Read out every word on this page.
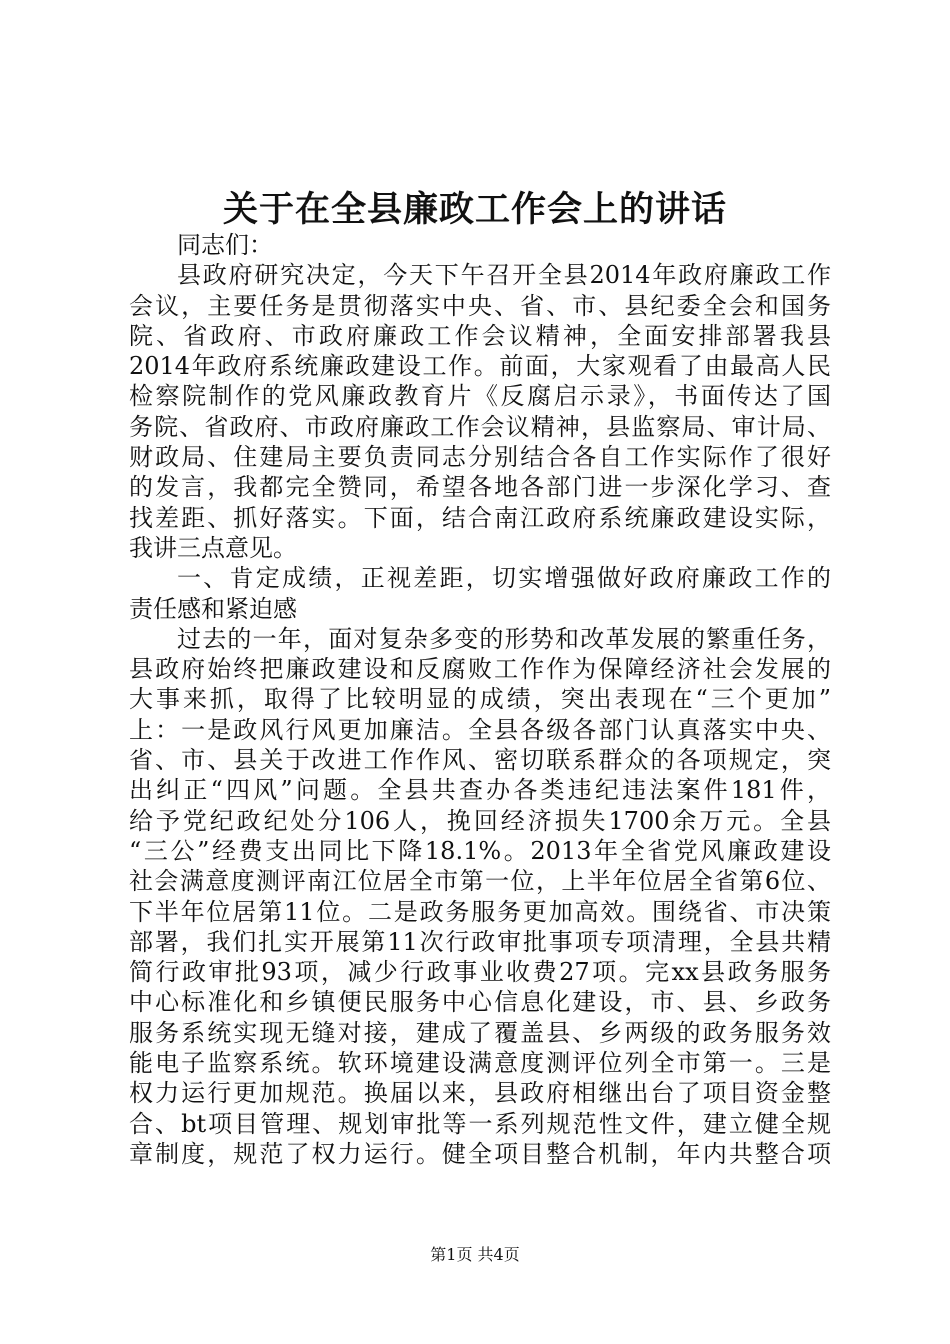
关于在全县廉政工作会上的讲话
同志们：
县政府研究决定，今天下午召开全县2014年政府廉政工作
会议，主要任务是贯彻落实中央、省、市、县纪委全会和国务
院、省政府、市政府廉政工作会议精神，全面安排部署我县
2014年政府系统廉政建设工作。前面，大家观看了由最高人民
检察院制作的党风廉政教育片《反腐启示录》，书面传达了国
务院、省政府、市政府廉政工作会议精神，县监察局、审计局、
财政局、住建局主要负责同志分别结合各自工作实际作了很好
的发言，我都完全赞同，希望各地各部门进一步深化学习、查
找差距、抓好落实。下面，结合南江政府系统廉政建设实际，
我讲三点意见。
一、肯定成绩，正视差距，切实增强做好政府廉政工作的
责任感和紧迫感
过去的一年，面对复杂多变的形势和改革发展的繁重任务，
县政府始终把廉政建设和反腐败工作作为保障经济社会发展的
大事来抓，取得了比较明显的成绩，突出表现在“三个更加”
上：一是政风行风更加廉洁。全县各级各部门认真落实中央、
省、市、县关于改进工作作风、密切联系群众的各项规定，突
出纠正“四风”问题。全县共查办各类违纪违法案件181件，
给予党纪政纪处分106人，挽回经济损失1700余万元。全县
“三公”经费支出同比下降18.1%。2013年全省党风廉政建设
社会满意度测评南江位居全市第一位，上半年位居全省第6位、
下半年位居第11位。二是政务服务更加高效。围绕省、市决策
部署，我们扎实开展第11次行政审批事项专项清理，全县共精
简行政审批93项，减少行政事业收费27项。完xx县政务服务
中心标准化和乡镇便民服务中心信息化建设，市、县、乡政务
服务系统实现无缝对接，建成了覆盖县、乡两级的政务服务效
能电子监察系统。软环境建设满意度测评位列全市第一。三是
权力运行更加规范。换届以来，县政府相继出台了项目资金整
合、bt项目管理、规划审批等一系列规范性文件，建立健全规
章制度，规范了权力运行。健全项目整合机制，年内共整合项
第1页 共4页
